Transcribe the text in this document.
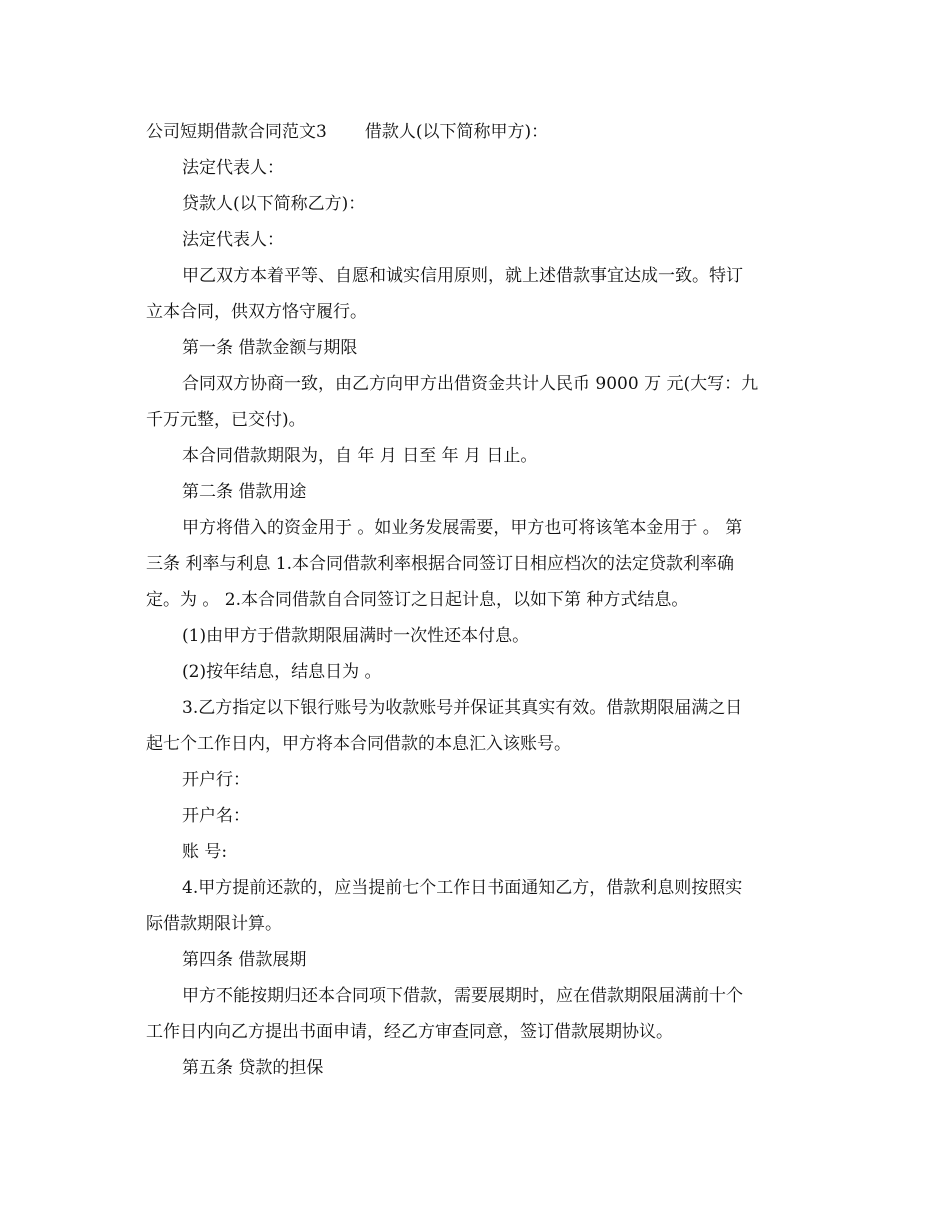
公司短期借款合同范文3 借款人(以下简称甲方)：
法定代表人：
贷款人(以下简称乙方)：
法定代表人：
甲乙双方本着平等、自愿和诚实信用原则，就上述借款事宜达成一致。特订
立本合同，供双方恪守履行。
第一条 借款金额与期限
合同双方协商一致，由乙方向甲方出借资金共计人民币 9000 万 元(大写：九
千万元整，已交付)。
本合同借款期限为，自 年 月 日至 年 月 日止。
第二条 借款用途
甲方将借入的资金用于 。如业务发展需要，甲方也可将该笔本金用于 。 第
三条 利率与利息 1.本合同借款利率根据合同签订日相应档次的法定贷款利率确
定。为 。 2.本合同借款自合同签订之日起计息，以如下第 种方式结息。
(1)由甲方于借款期限届满时一次性还本付息。
(2)按年结息，结息日为 。
3.乙方指定以下银行账号为收款账号并保证其真实有效。借款期限届满之日
起七个工作日内，甲方将本合同借款的本息汇入该账号。
开户行：
开户名：
账 号:
4.甲方提前还款的，应当提前七个工作日书面通知乙方，借款利息则按照实
际借款期限计算。
第四条 借款展期
甲方不能按期归还本合同项下借款，需要展期时，应在借款期限届满前十个
工作日内向乙方提出书面申请，经乙方审查同意，签订借款展期协议。
第五条 贷款的担保
